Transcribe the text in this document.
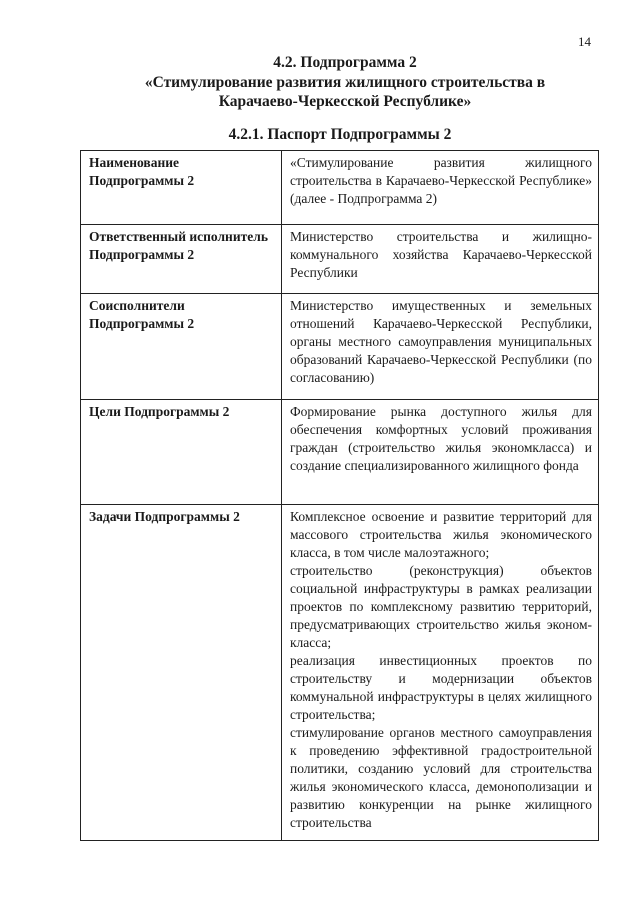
14
4.2. Подпрограмма 2
«Стимулирование развития жилищного строительства в
Карачаево-Черкесской Республике»
4.2.1. Паспорт Подпрограммы 2
Наименование Подпрограммы 2	«Стимулирование развития жилищного строительства в Карачаево-Черкесской Республике» (далее - Подпрограмма 2)

Ответственный исполнитель Подпрограммы 2	Министерство строительства и жилищно-коммунального хозяйства Карачаево-Черкесской Республики

Соисполнители Подпрограммы 2	Министерство имущественных и земельных отношений Карачаево-Черкесской Республики, органы местного самоуправления муниципальных образований Карачаево-Черкесской Республики (по согласованию)

Цели Подпрограммы 2	Формирование рынка доступного жилья для обеспечения комфортных условий проживания граждан (строительство жилья экономкласса) и создание специализированного жилищного фонда

Задачи Подпрограммы 2	Комплексное освоение и развитие территорий для массового строительства жилья экономического класса, в том числе малоэтажного;
строительство (реконструкция) объектов социальной инфраструктуры в рамках реализации проектов по комплексному развитию территорий, предусматривающих строительство жилья эконом-класса;
реализация инвестиционных проектов по строительству и модернизации объектов коммунальной инфраструктуры в целях жилищного строительства;
стимулирование органов местного самоуправления к проведению эффективной градостроительной политики, созданию условий для строительства жилья экономического класса, демонополизации и развитию конкуренции на рынке жилищного строительства
